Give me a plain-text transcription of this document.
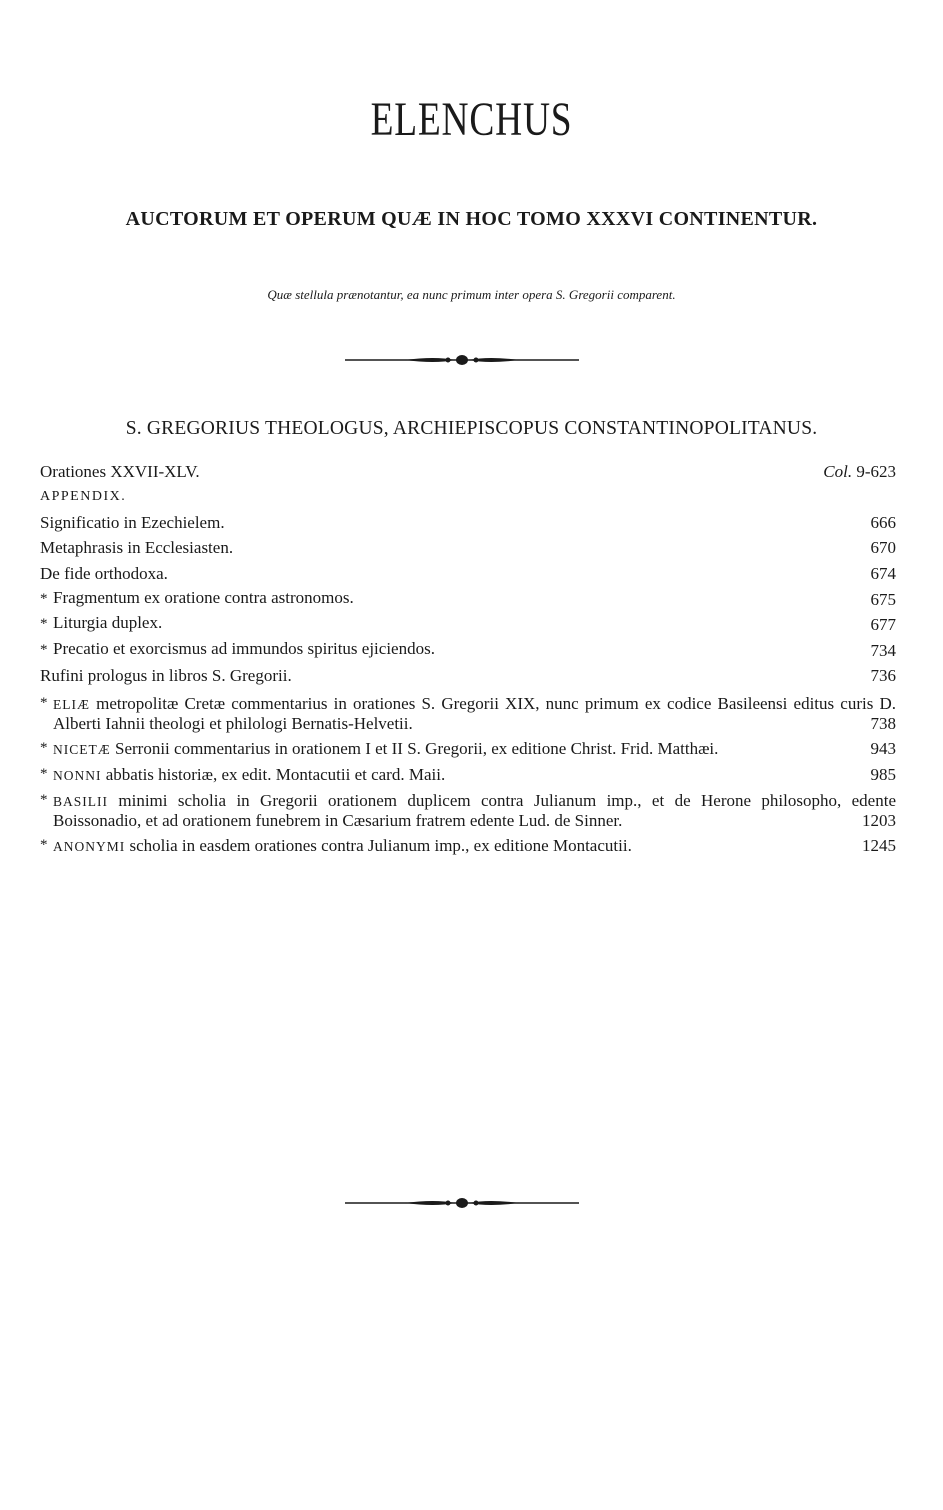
ELENCHUS
AUCTORUM ET OPERUM QUÆ IN HOC TOMO XXXVI CONTINENTUR.
Quæ stellula prænotantur, ea nunc primum inter opera S. Gregorii comparent.
S. GREGORIUS THEOLOGUS, ARCHIEPISCOPUS CONSTANTINOPOLITANUS.
Orationes XXVII-XLV.	Col. 9-623
APPENDIX.
Significatio in Ezechielem.	666
Metaphrasis in Ecclesiasten.	670
De fide orthodoxa.	674
* Fragmentum ex oratione contra astronomos.	675
* Liturgia duplex.	677
* Precatio et exorcismus ad immundos spiritus ejiciendos.	734
Rufini prologus in libros S. Gregorii.	736
* ELIÆ metropolitæ Cretæ commentarius in orationes S. Gregorii XIX, nunc primum ex codice Basileensi editus curis D. Alberti Iahnii theologi et philologi Bernatis-Helvetii.	738
* NICETÆ Serronii commentarius in orationem I et II S. Gregorii, ex editione Christ. Frid. Matthæi.	943
* NONNI abbatis historiæ, ex edit. Montacutii et card. Maii.	985
* BASILII minimi scholia in Gregorii orationem duplicem contra Julianum imp., et de Herone philosopho, edente Boissonadio, et ad orationem funebrem in Cæsarium fratrem edente Lud. de Sinner.	1203
* ANONYMI scholia in easdem orationes contra Julianum imp., ex editione Montacutii.	1245
